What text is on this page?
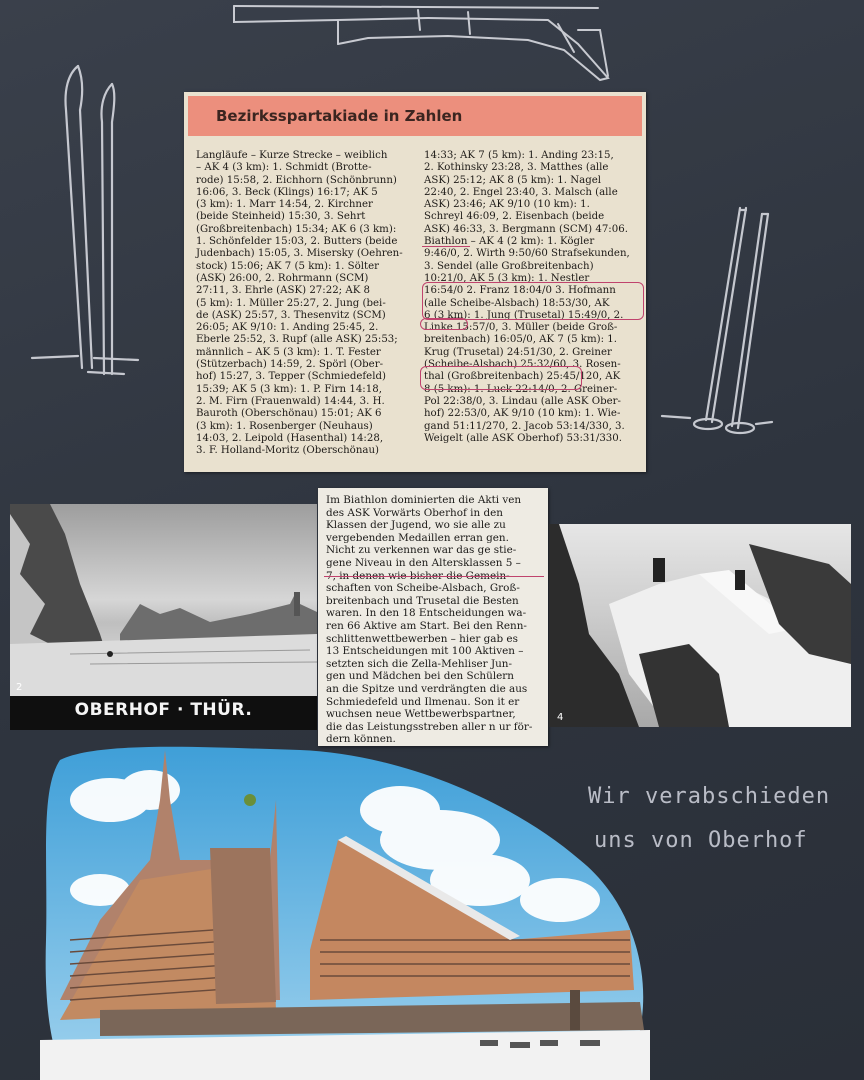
Bezirksspartakiade in Zahlen
Langläufe – Kurze Strecke – weiblich
– AK 4 (3 km): 1. Schmidt (Brotte-
rode) 15:58, 2. Eichhorn (Schönbrunn)
16:06, 3. Beck (Klings) 16:17; AK 5
(3 km): 1. Marr 14:54, 2. Kirchner
(beide Steinheid) 15:30, 3. Sehrt
(Großbreitenbach) 15:34; AK 6 (3 km):
1. Schönfelder 15:03, 2. Butters (beide
Judenbach) 15:05, 3. Misersky (Oehren-
stock) 15:06; AK 7 (5 km): 1. Sölter
(ASK) 26:00, 2. Rohrmann (SCM)
27:11, 3. Ehrle (ASK) 27:22; AK 8
(5 km): 1. Müller 25:27, 2. Jung (bei-
de (ASK) 25:57, 3. Thesenvitz (SCM)
26:05; AK 9/10: 1. Anding 25:45, 2.
Eberle 25:52, 3. Rupf (alle ASK) 25:53;
männlich – AK 5 (3 km): 1. T. Fester
(Stützerbach) 14:59, 2. Spörl (Ober-
hof) 15:27, 3. Tepper (Schmiedefeld)
15:39; AK 5 (3 km): 1. P. Firn 14:18,
2. M. Firn (Frauenwald) 14:44, 3. H.
Bauroth (Oberschönau) 15:01; AK 6
(3 km): 1. Rosenberger (Neuhaus)
14:03, 2. Leipold (Hasenthal) 14:28,
3. F. Holland-Moritz (Oberschönau)
14:33; AK 7 (5 km): 1. Anding 23:15,
2. Kothinsky 23:28, 3. Matthes (alle
ASK) 25:12; AK 8 (5 km): 1. Nagel
22:40, 2. Engel 23:40, 3. Malsch (alle
ASK) 23:46; AK 9/10 (10 km): 1.
Schreyl 46:09, 2. Eisenbach (beide
ASK) 46:33, 3. Bergmann (SCM) 47:06.
Biathlon – AK 4 (2 km): 1. Kögler
9:46/0, 2. Wirth 9:50/60 Strafsekunden,
3. Sendel (alle Großbreitenbach)
10:21/0, AK 5 (3 km): 1. Nestler
16:54/0 2. Franz 18:04/0 3. Hofmann
(alle Scheibe-Alsbach) 18:53/30, AK
6 (3 km): 1. Jung (Trusetal) 15:49/0, 2.
Linke 15:57/0, 3. Müller (beide Groß-
breitenbach) 16:05/0, AK 7 (5 km): 1.
Krug (Trusetal) 24:51/30, 2. Greiner
(Scheibe-Alsbach) 25:32/60, 3. Rosen-
thal (Großbreitenbach) 25:45/120, AK
8 (5 km): 1. Luck 22:14/0, 2. Greiner-
Pol 22:38/0, 3. Lindau (alle ASK Ober-
hof) 22:53/0, AK 9/10 (10 km): 1. Wie-
gand 51:11/270, 2. Jacob 53:14/330, 3.
Weigelt (alle ASK Oberhof) 53:31/330.
2
OBERHOF · THÜR.
Im Biathlon dominierten die Akti ven
des ASK Vorwärts Oberhof in den
Klassen der Jugend, wo sie alle zu
vergebenden Medaillen erran gen.
Nicht zu verkennen war das ge stie-
gene Niveau in den Altersklassen 5 –
7, in denen wie bisher die Gemein-
schaften von Scheibe-Alsbach, Groß-
breitenbach und Trusetal die Besten
waren. In den 18 Entscheidungen wa-
ren 66 Aktive am Start. Bei den Renn-
schlittenwettbewerben – hier gab es
13 Entscheidungen mit 100 Aktiven –
setzten sich die Zella-Mehliser Jun-
gen und Mädchen bei den Schülern
an die Spitze und verdrängten die aus
Schmiedefeld und Ilmenau. Son it er
wuchsen neue Wettbewerbspartner,
die das Leistungsstreben aller n ur för-
dern können.
4
Wir verabschieden
uns von Oberhof
